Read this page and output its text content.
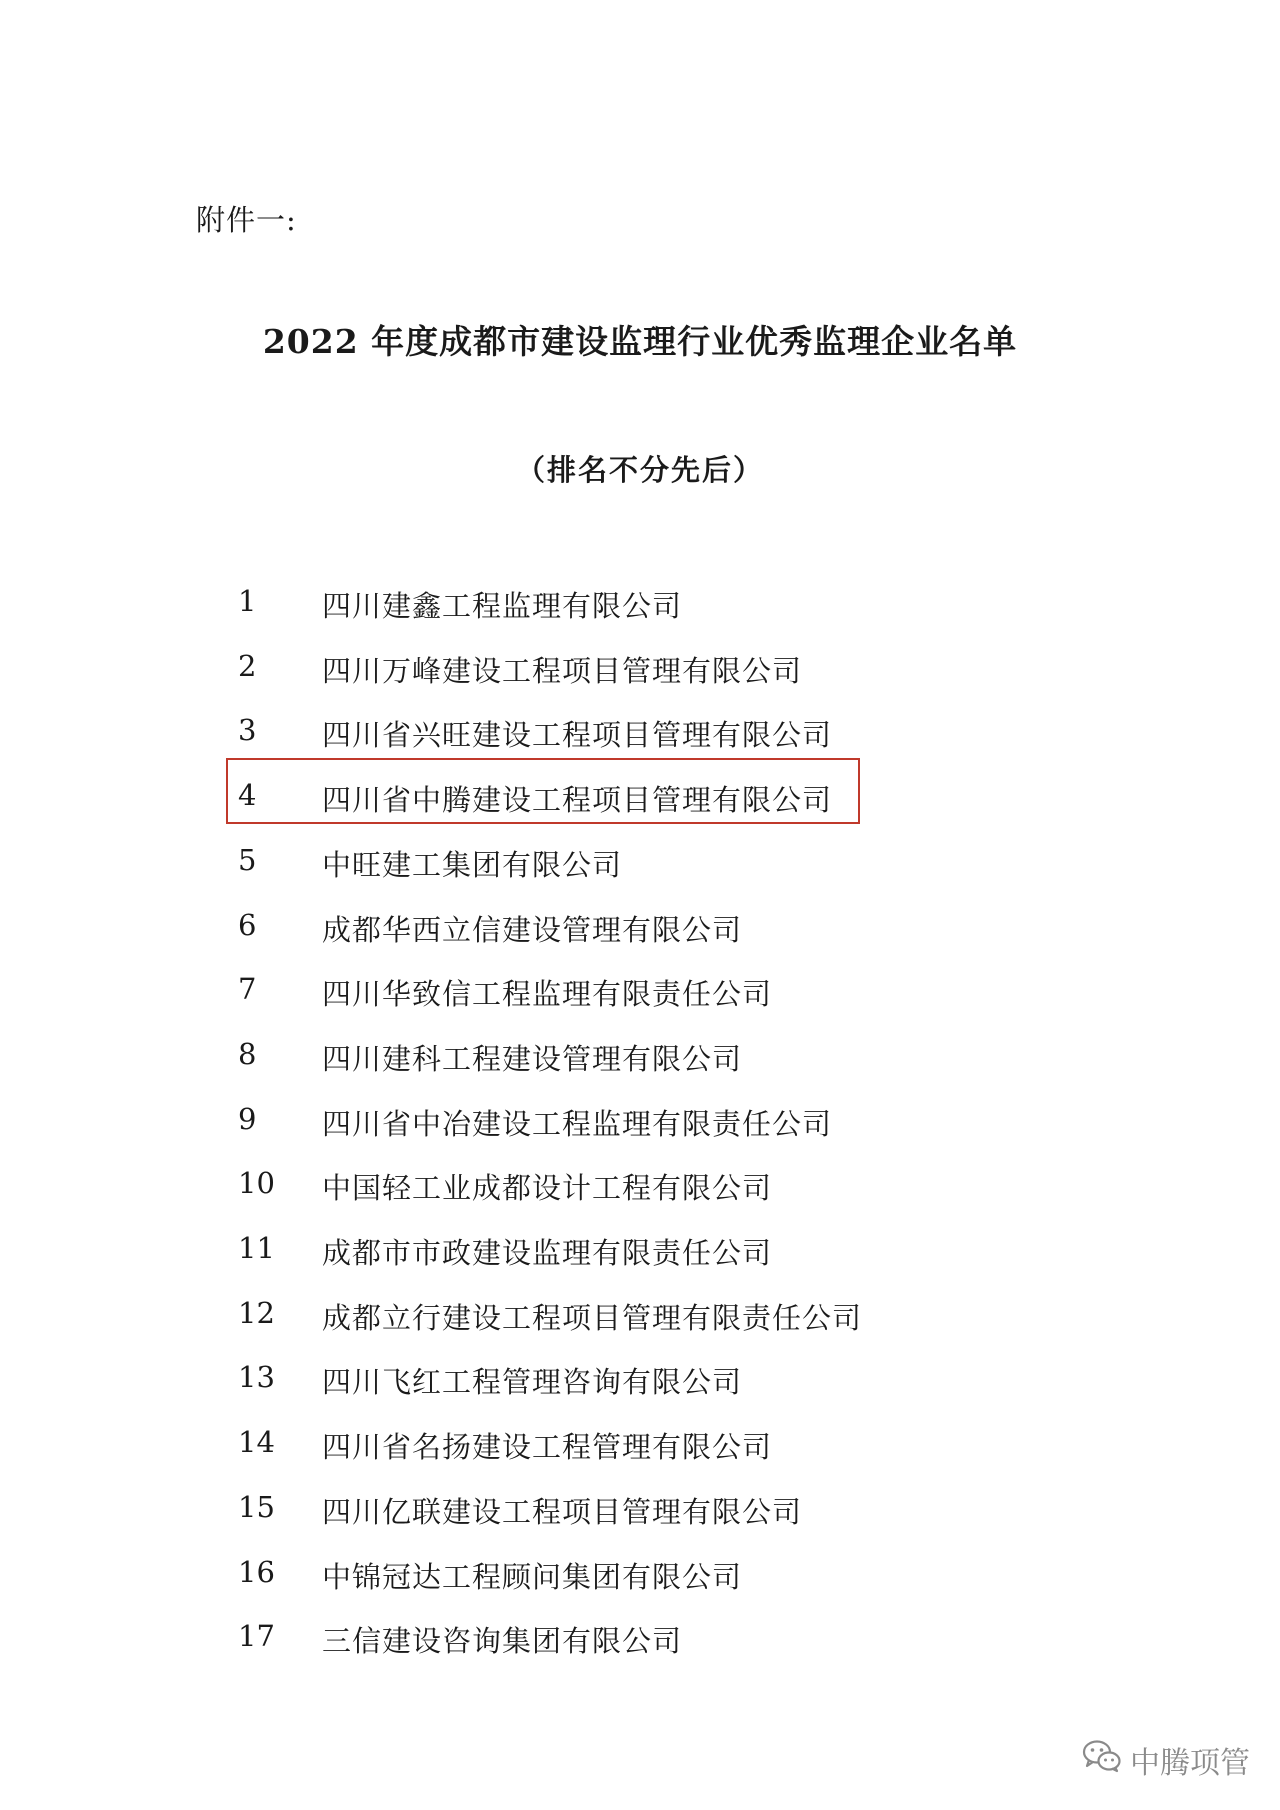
附件一:
2022 年度成都市建设监理行业优秀监理企业名单
（排名不分先后）
1 四川建鑫工程监理有限公司
2 四川万峰建设工程项目管理有限公司
3 四川省兴旺建设工程项目管理有限公司
4 四川省中腾建设工程项目管理有限公司
5 中旺建工集团有限公司
6 成都华西立信建设管理有限公司
7 四川华致信工程监理有限责任公司
8 四川建科工程建设管理有限公司
9 四川省中冶建设工程监理有限责任公司
10 中国轻工业成都设计工程有限公司
11 成都市市政建设监理有限责任公司
12 成都立行建设工程项目管理有限责任公司
13 四川飞红工程管理咨询有限公司
14 四川省名扬建设工程管理有限公司
15 四川亿联建设工程项目管理有限公司
16 中锦冠达工程顾问集团有限公司
17 三信建设咨询集团有限公司
中腾项管
